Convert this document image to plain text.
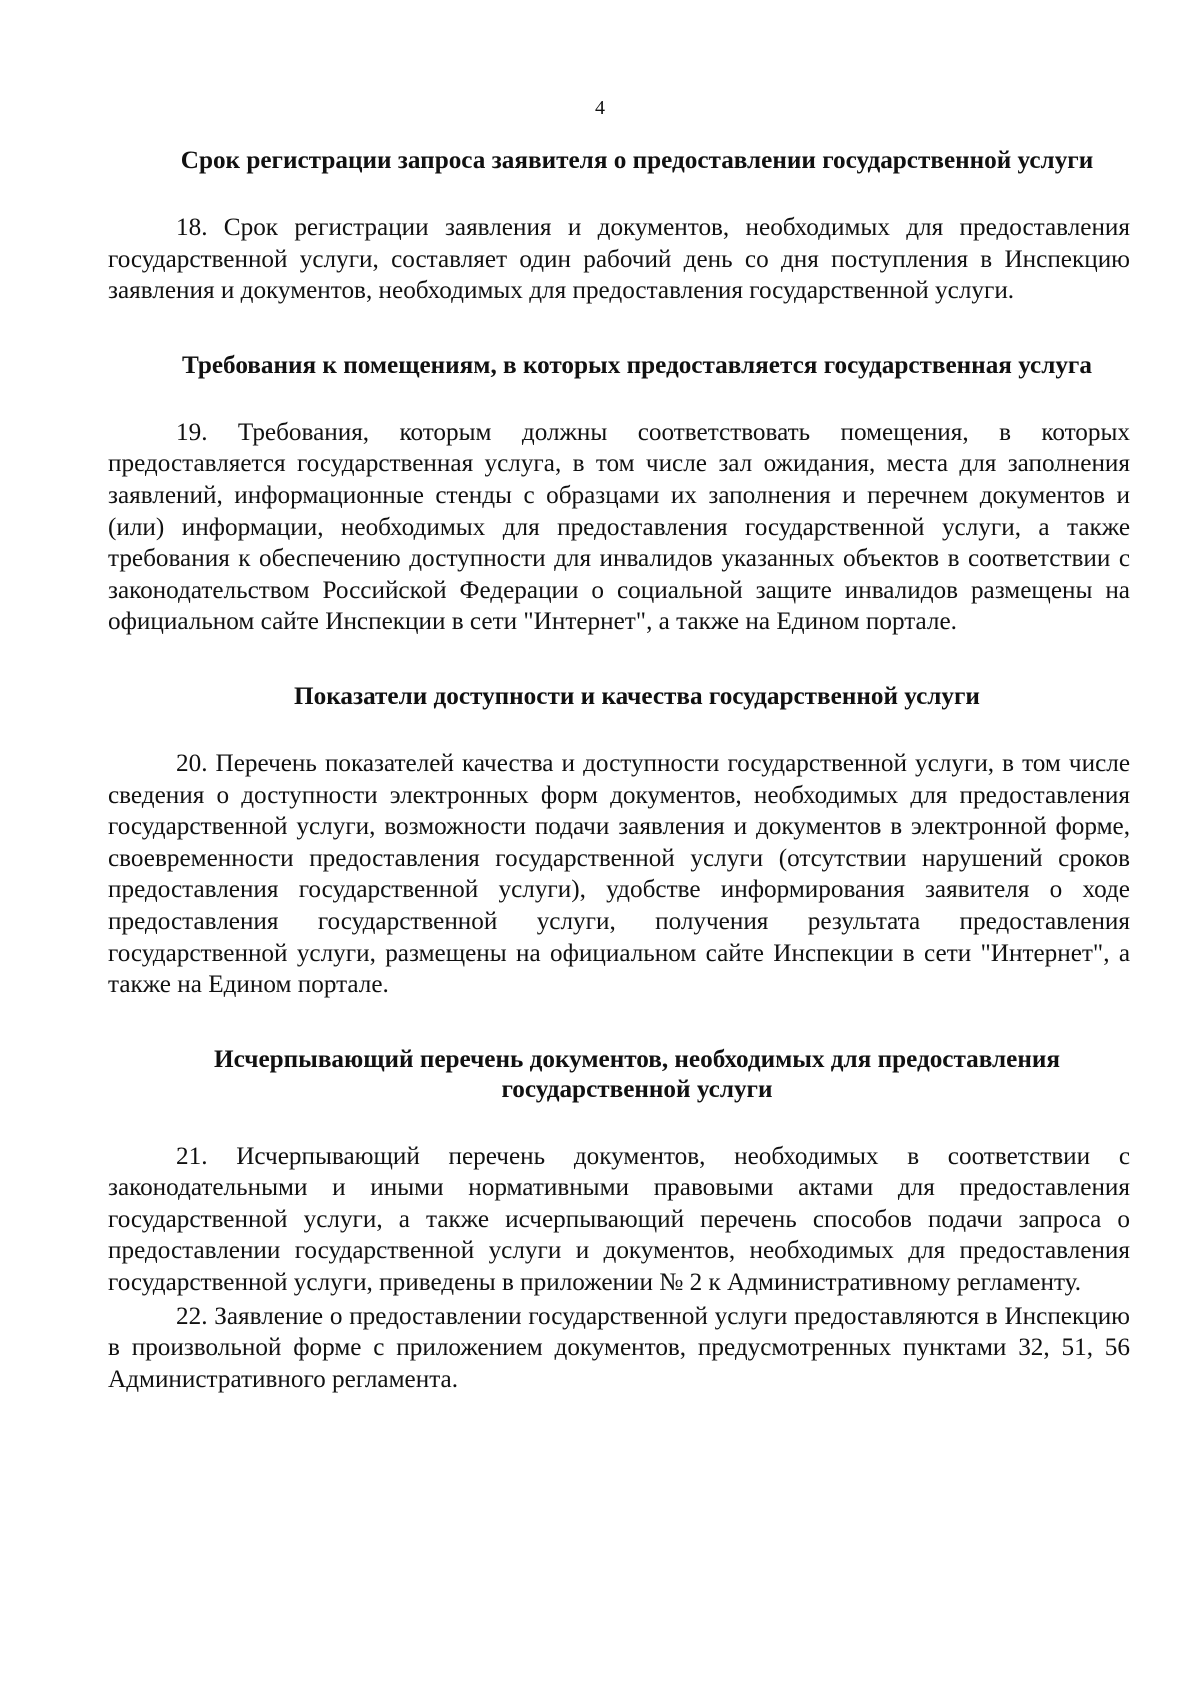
4
Срок регистрации запроса заявителя о предоставлении государственной услуги

18. Срок регистрации заявления и документов, необходимых для предоставления государственной услуги, составляет один рабочий день со дня поступления в Инспекцию заявления и документов, необходимых для предоставления государственной услуги.

Требования к помещениям, в которых предоставляется государственная услуга

19. Требования, которым должны соответствовать помещения, в которых предоставляется государственная услуга, в том числе зал ожидания, места для заполнения заявлений, информационные стенды с образцами их заполнения и перечнем документов и (или) информации, необходимых для предоставления государственной услуги, а также требования к обеспечению доступности для инвалидов указанных объектов в соответствии с законодательством Российской Федерации о социальной защите инвалидов размещены на официальном сайте Инспекции в сети "Интернет", а также на Едином портале.

Показатели доступности и качества государственной услуги

20. Перечень показателей качества и доступности государственной услуги, в том числе сведения о доступности электронных форм документов, необходимых для предоставления государственной услуги, возможности подачи заявления и документов в электронной форме, своевременности предоставления государственной услуги (отсутствии нарушений сроков предоставления государственной услуги), удобстве информирования заявителя о ходе предоставления государственной услуги, получения результата предоставления государственной услуги, размещены на официальном сайте Инспекции в сети "Интернет", а также на Едином портале.

Исчерпывающий перечень документов, необходимых для предоставления государственной услуги

21. Исчерпывающий перечень документов, необходимых в соответствии с законодательными и иными нормативными правовыми актами для предоставления государственной услуги, а также исчерпывающий перечень способов подачи запроса о предоставлении государственной услуги и документов, необходимых для предоставления государственной услуги, приведены в приложении № 2 к Административному регламенту.

22. Заявление о предоставлении государственной услуги предоставляются в Инспекцию в произвольной форме с приложением документов, предусмотренных пунктами 32, 51, 56 Административного регламента.
